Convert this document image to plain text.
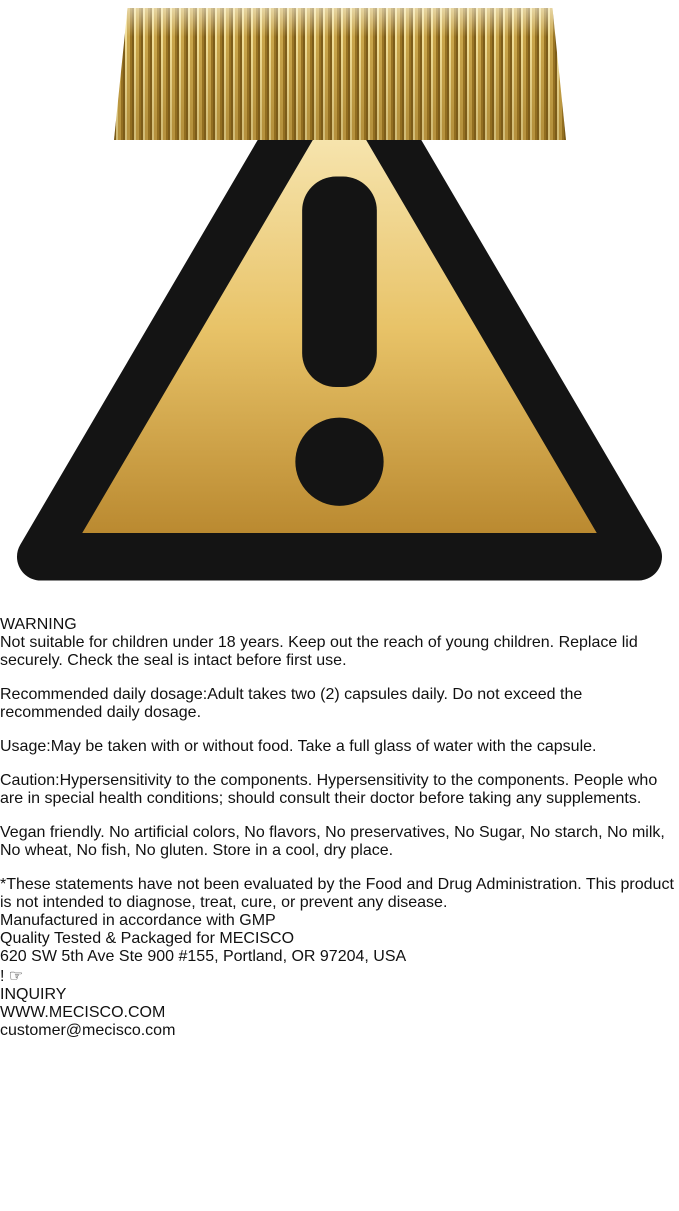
WARNING
Not suitable for children under 18 years. Keep out the reach of young children. Replace lid securely. Check the seal is intact before first use.

Recommended daily dosage:Adult takes two (2) capsules daily. Do not exceed the recommended daily dosage.

Usage:May be taken with or without food. Take a full glass of water with the capsule.

Caution:Hypersensitivity to the components. Hypersensitivity to the components. People who are in special health conditions; should consult their doctor before taking any supplements.

Vegan friendly. No artificial colors, No flavors, No preservatives, No Sugar, No starch, No milk, No wheat, No fish, No gluten. Store in a cool, dry place.

*These statements have not been evaluated by the Food and Drug Administration. This product is not intended to diagnose, treat, cure, or prevent any disease.
Manufactured in accordance with GMP
Quality Tested & Packaged for MECISCO
620 SW 5th Ave Ste 900 #155, Portland, OR 97204, USA
! ☞
INQUIRY
WWW.MECISCO.COM
customer@mecisco.com
